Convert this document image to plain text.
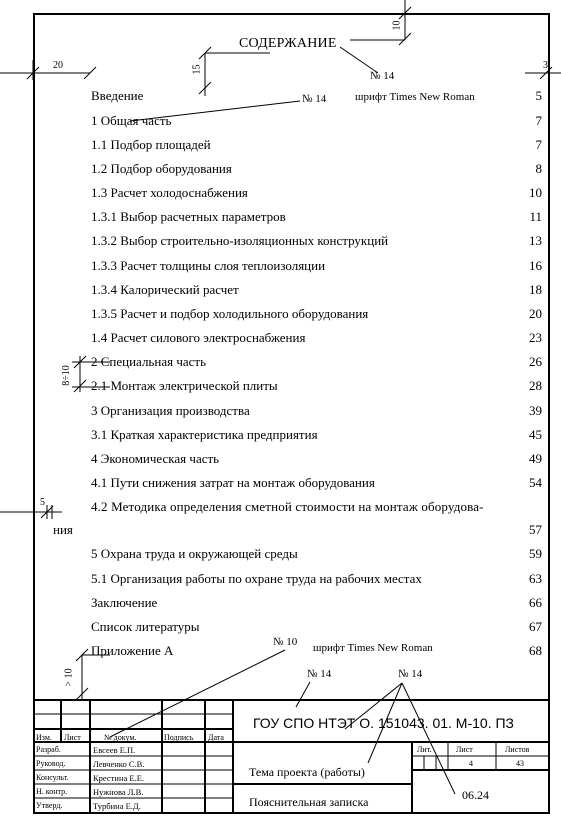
СОДЕРЖАНИЕ
20	15
10
3
8÷10
5
> 10
№ 14
№ 14	шрифт Times New Roman
№ 10 шрифт Times New Roman
№ 14	№ 14
Введение	5
1 Общая часть	7
1.1 Подбор площадей	7
1.2 Подбор оборудования	8
1.3 Расчет холодоснабжения	10
1.3.1 Выбор расчетных параметров	11
1.3.2 Выбор строительно-изоляционных конструкций	13
1.3.3 Расчет толщины слоя теплоизоляции	16
1.3.4 Калорический расчет	18
1.3.5 Расчет и подбор холодильного оборудования	20
1.4 Расчет силового электроснабжения	23
2 Специальная часть	26
2.1 Монтаж электрической плиты	28
3 Организация производства	39
3.1 Краткая характеристика предприятия	45
4 Экономическая часть	49
4.1 Пути снижения затрат на монтаж оборудования	54
4.2 Методика определения сметной стоимости на монтаж оборудова-
ния	57
5 Охрана труда и окружающей среды	59
5.1 Организация работы по охране труда на рабочих местах	63
Заключение	66
Список литературы	67
Приложение А	68
ГОУ СПО НТЭТ О. 151043. 01. М-10. ПЗ
Изм. Лист	№ докум.	Подпись Дата
Разраб.	Евсеев Е.П.
Руковод.	Левченко С.В.
Консульт.	Крестина Е.Е.
Н. контр.	Нужнова Л.В.
Утверд.	Турбина Е.Д.
Тема проекта (работы)
Пояснительная записка
Лит.	Лист	Листов
4	43
06.24
